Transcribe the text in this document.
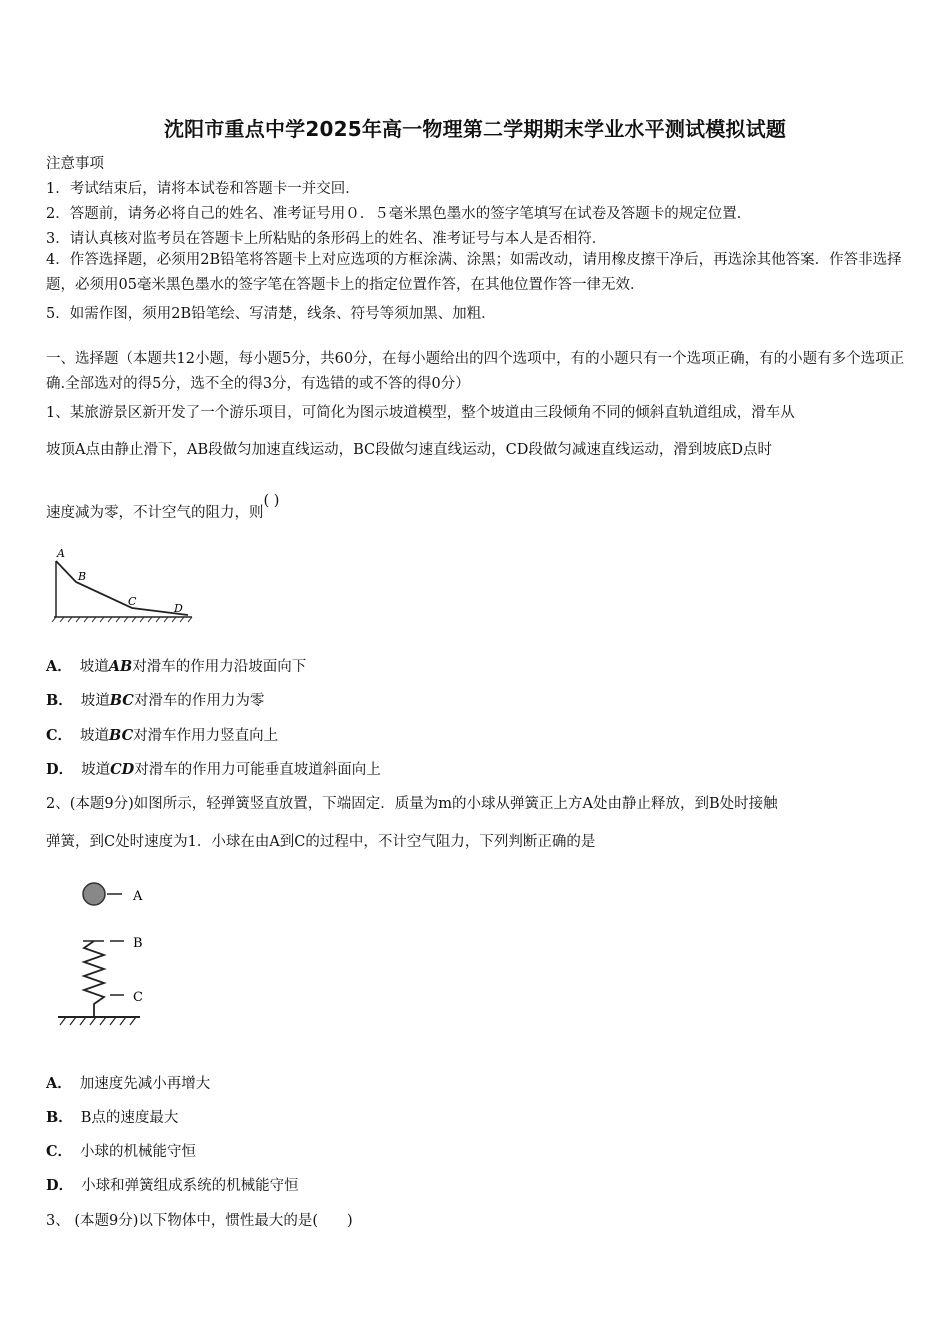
沈阳市重点中学2025年高一物理第二学期期末学业水平测试模拟试题
注意事项
1．考试结束后，请将本试卷和答题卡一并交回．
2．答题前，请务必将自己的姓名、准考证号用０．５毫米黑色墨水的签字笔填写在试卷及答题卡的规定位置．
3．请认真核对监考员在答题卡上所粘贴的条形码上的姓名、准考证号与本人是否相符．
4．作答选择题，必须用2B铅笔将答题卡上对应选项的方框涂满、涂黑；如需改动，请用橡皮擦干净后，再选涂其他答案．作答非选择题，必须用05毫米黑色墨水的签字笔在答题卡上的指定位置作答，在其他位置作答一律无效．
5．如需作图，须用2B铅笔绘、写清楚，线条、符号等须加黑、加粗．
一、选择题（本题共12小题，每小题5分，共60分，在每小题给出的四个选项中，有的小题只有一个选项正确，有的小题有多个选项正确.全部选对的得5分，选不全的得3分，有选错的或不答的得0分）
1、某旅游景区新开发了一个游乐项目，可简化为图示坡道模型，整个坡道由三段倾角不同的倾斜直轨道组成，滑车从
坡顶A点由静止滑下，AB段做匀加速直线运动，BC段做匀速直线运动，CD段做匀减速直线运动，滑到坡底D点时
速度减为零，不计空气的阻力，则( )
A
B
C
D
A． 坡道AB对滑车的作用力沿坡面向下
B． 坡道BC对滑车的作用力为零
C． 坡道BC对滑车作用力竖直向上
D． 坡道CD对滑车的作用力可能垂直坡道斜面向上
2、(本题9分)如图所示，轻弹簧竖直放置，下端固定．质量为m的小球从弹簧正上方A处由静止释放，到B处时接触
弹簧，到C处时速度为1．小球在由A到C的过程中，不计空气阻力，下列判断正确的是
A
B
C
A． 加速度先减小再增大
B． B点的速度最大
C． 小球的机械能守恒
D． 小球和弹簧组成系统的机械能守恒
3、 (本题9分)以下物体中，惯性最大的是(　　)
